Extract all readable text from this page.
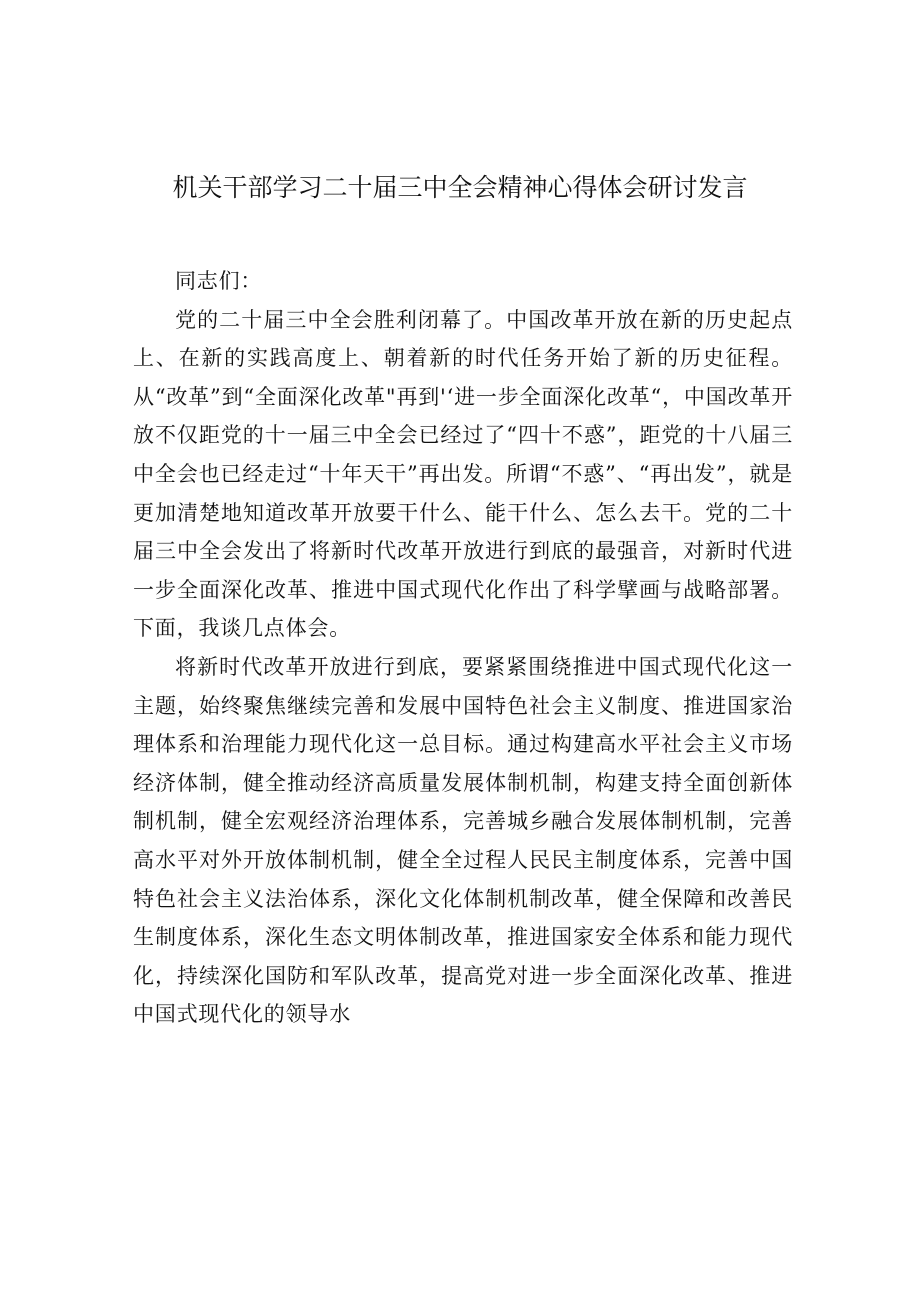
机关干部学习二十届三中全会精神心得体会研讨发言

同志们：

党的二十届三中全会胜利闭幕了。中国改革开放在新的历史起点上、在新的实践高度上、朝着新的时代任务开始了新的历史征程。从“改革”到“全面深化改革"再到'‘进一步全面深化改革“，中国改革开放不仅距党的十一届三中全会已经过了“四十不惑”，距党的十八届三中全会也已经走过“十年天干”再出发。所谓“不惑”、“再出发”，就是更加清楚地知道改革开放要干什么、能干什么、怎么去干。党的二十届三中全会发出了将新时代改革开放进行到底的最强音，对新时代进一步全面深化改革、推进中国式现代化作出了科学擘画与战略部署。下面，我谈几点体会。

将新时代改革开放进行到底，要紧紧围绕推进中国式现代化这一主题，始终聚焦继续完善和发展中国特色社会主义制度、推进国家治理体系和治理能力现代化这一总目标。通过构建高水平社会主义市场经济体制，健全推动经济高质量发展体制机制，构建支持全面创新体制机制，健全宏观经济治理体系，完善城乡融合发展体制机制，完善高水平对外开放体制机制，健全全过程人民民主制度体系，完善中国特色社会主义法治体系，深化文化体制机制改革，健全保障和改善民生制度体系，深化生态文明体制改革，推进国家安全体系和能力现代化，持续深化国防和军队改革，提高党对进一步全面深化改革、推进中国式现代化的领导水
